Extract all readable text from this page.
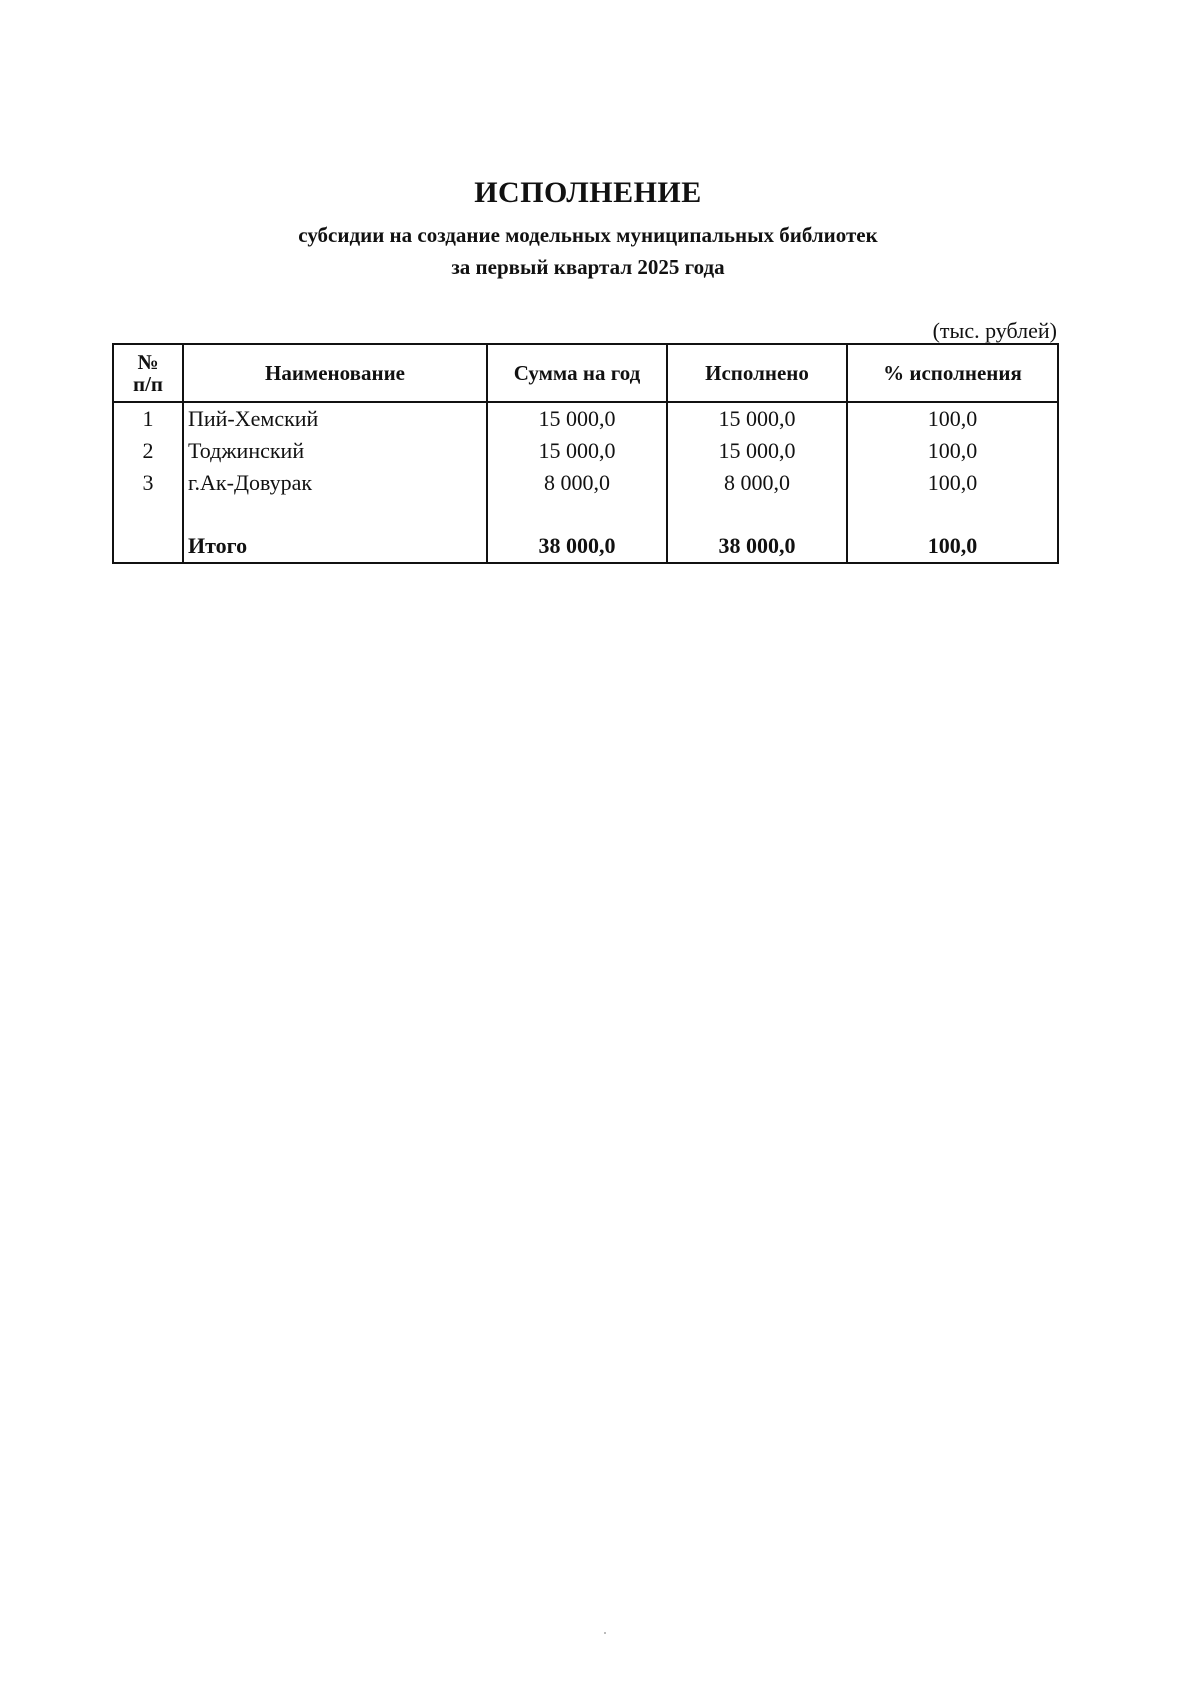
ИСПОЛНЕНИЕ
субсидии на создание модельных муниципальных библиотек
за первый квартал 2025 года
(тыс. рублей)
№
п/п	Наименование	Сумма на год	Исполнено	% исполнения
1	Пий-Хемский	15 000,0	15 000,0	100,0
2	Тоджинский	15 000,0	15 000,0	100,0
3	г.Ак-Довурак	8 000,0	8 000,0	100,0

	Итого	38 000,0	38 000,0	100,0
